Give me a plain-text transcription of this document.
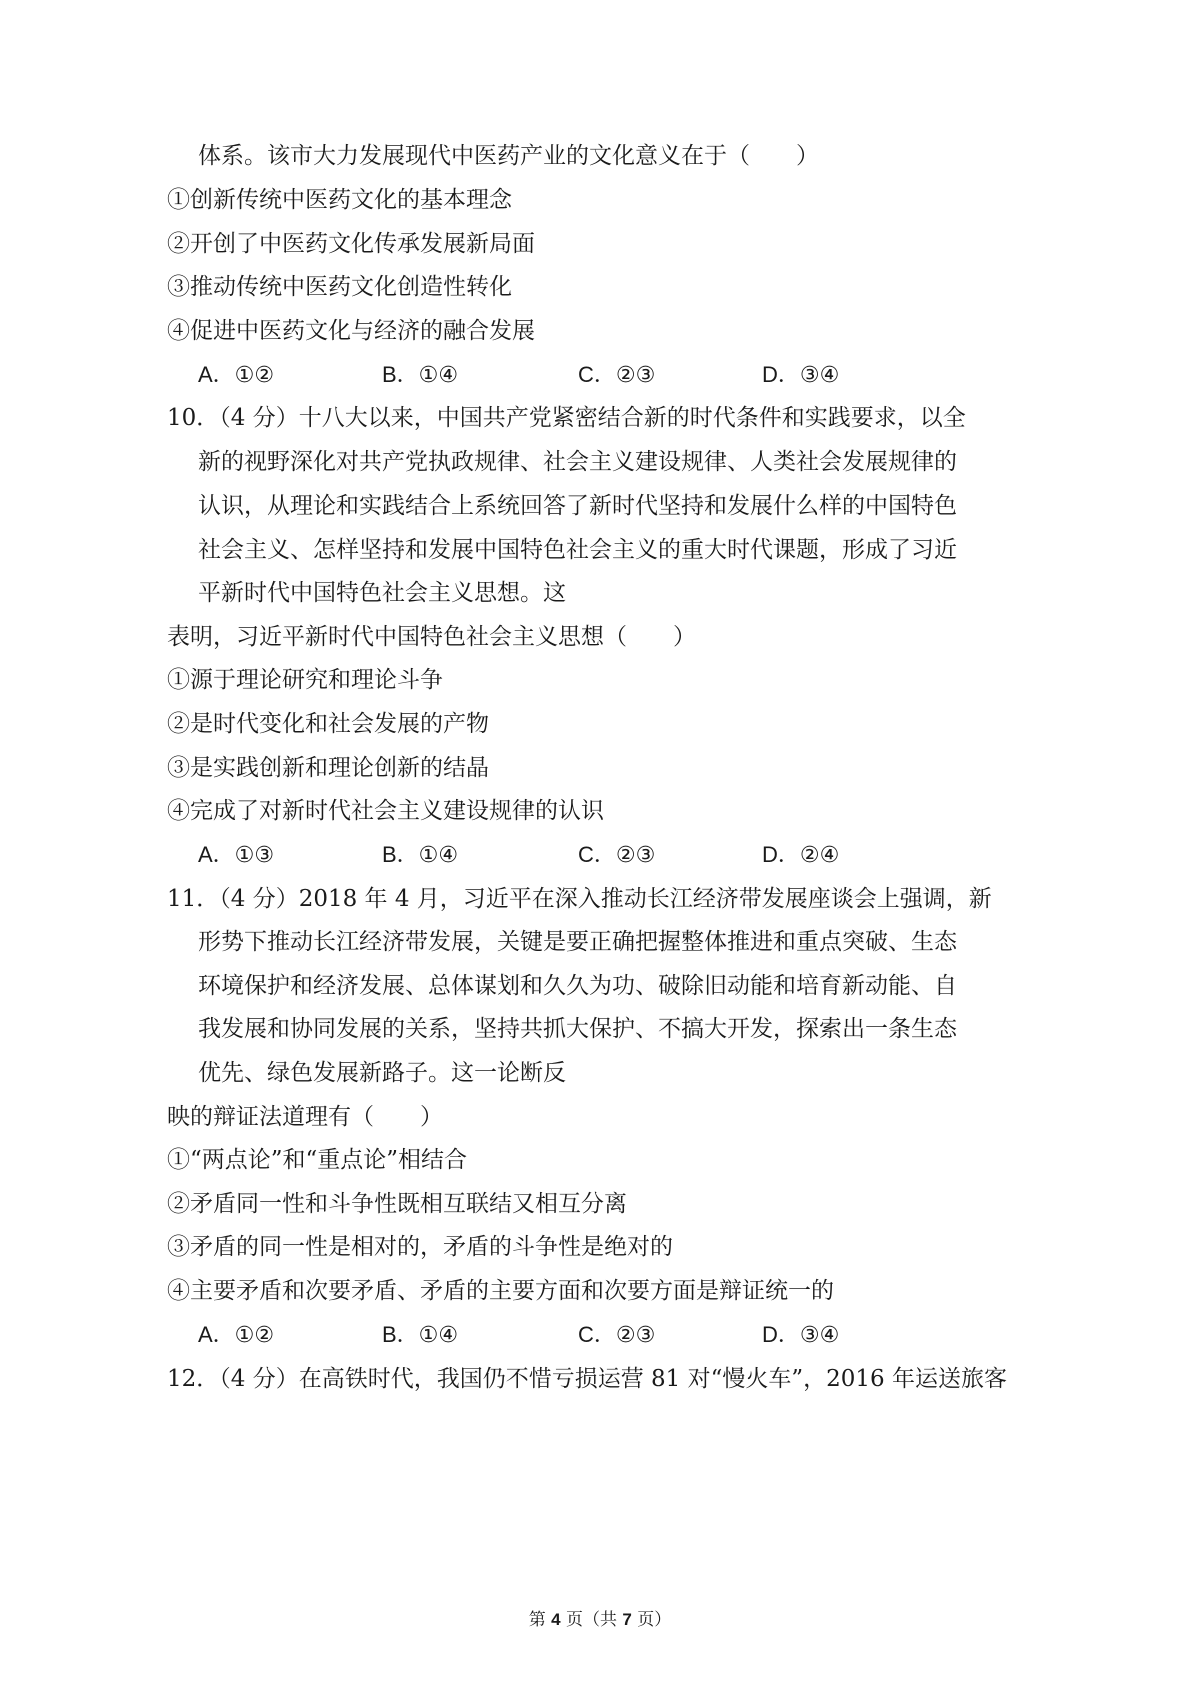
体系。该市大力发展现代中医药产业的文化意义在于（　　）
①创新传统中医药文化的基本理念
②开创了中医药文化传承发展新局面
③推动传统中医药文化创造性转化
④促进中医药文化与经济的融合发展
A．①②	B．①④	C．②③	D．③④
10．（4 分）十八大以来，中国共产党紧密结合新的时代条件和实践要求，以全
新的视野深化对共产党执政规律、社会主义建设规律、人类社会发展规律的
认识，从理论和实践结合上系统回答了新时代坚持和发展什么样的中国特色
社会主义、怎样坚持和发展中国特色社会主义的重大时代课题，形成了习近
平新时代中国特色社会主义思想。这
表明，习近平新时代中国特色社会主义思想（　　）
①源于理论研究和理论斗争
②是时代变化和社会发展的产物
③是实践创新和理论创新的结晶
④完成了对新时代社会主义建设规律的认识
A．①③	B．①④	C．②③	D．②④
11．（4 分）2018 年 4 月，习近平在深入推动长江经济带发展座谈会上强调，新
形势下推动长江经济带发展，关键是要正确把握整体推进和重点突破、生态
环境保护和经济发展、总体谋划和久久为功、破除旧动能和培育新动能、自
我发展和协同发展的关系，坚持共抓大保护、不搞大开发，探索出一条生态
优先、绿色发展新路子。这一论断反
映的辩证法道理有（　　）
①“两点论”和“重点论”相结合
②矛盾同一性和斗争性既相互联结又相互分离
③矛盾的同一性是相对的，矛盾的斗争性是绝对的
④主要矛盾和次要矛盾、矛盾的主要方面和次要方面是辩证统一的
A．①②	B．①④	C．②③	D．③④
12．（4 分）在高铁时代，我国仍不惜亏损运营 81 对“慢火车”，2016 年运送旅客
第 4 页（共 7 页）
